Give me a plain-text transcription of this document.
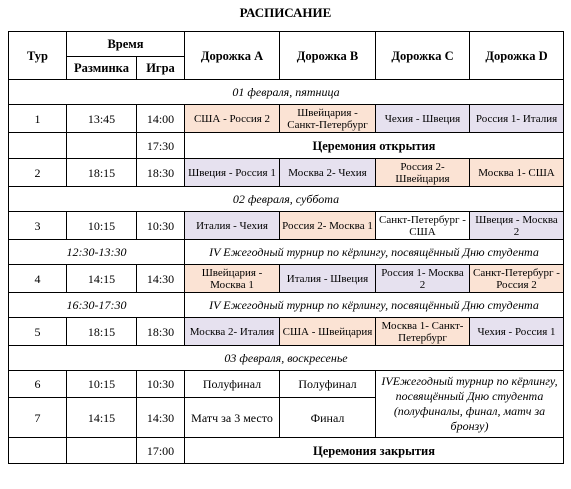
РАСПИСАНИЕ
Тур	Время		Дорожка А	Дорожка B	Дорожка C	Дорожка D
	Разминка	Игра				
01 февраля, пятница						
1	13:45	14:00	США - Россия 2	Швейцария - Санкт-Петербург	Чехия - Швеция	Россия 1- Италия
		17:30	Церемония открытия			
2	18:15	18:30	Швеция - Россия 1	Москва 2- Чехия	Россия 2- Швейцария	Москва 1- США
02 февраля, суббота						
3	10:15	10:30	Италия - Чехия	Россия 2- Москва 1	Санкт-Петербург - США	Швеция - Москва 2
12:30-13:30			IV Ежегодный турнир по кёрлингу, посвящённый Дню студента			
4	14:15	14:30	Швейцария - Москва 1	Италия - Швеция	Россия 1- Москва 2	Санкт-Петербург - Россия 2
16:30-17:30			IV Ежегодный турнир по кёрлингу, посвящённый Дню студента			
5	18:15	18:30	Москва 2- Италия	США - Швейцария	Москва 1- Санкт-Петербург	Чехия - Россия 1
03 февраля, воскресенье						
6	10:15	10:30	Полуфинал	Полуфинал	IVЕжегодный турнир по кёрлингу, посвящённый Дню студента (полуфиналы, финал, матч за бронзу)	
7	14:15	14:30	Матч за 3 место	Финал		
		17:00	Церемония закрытия			
